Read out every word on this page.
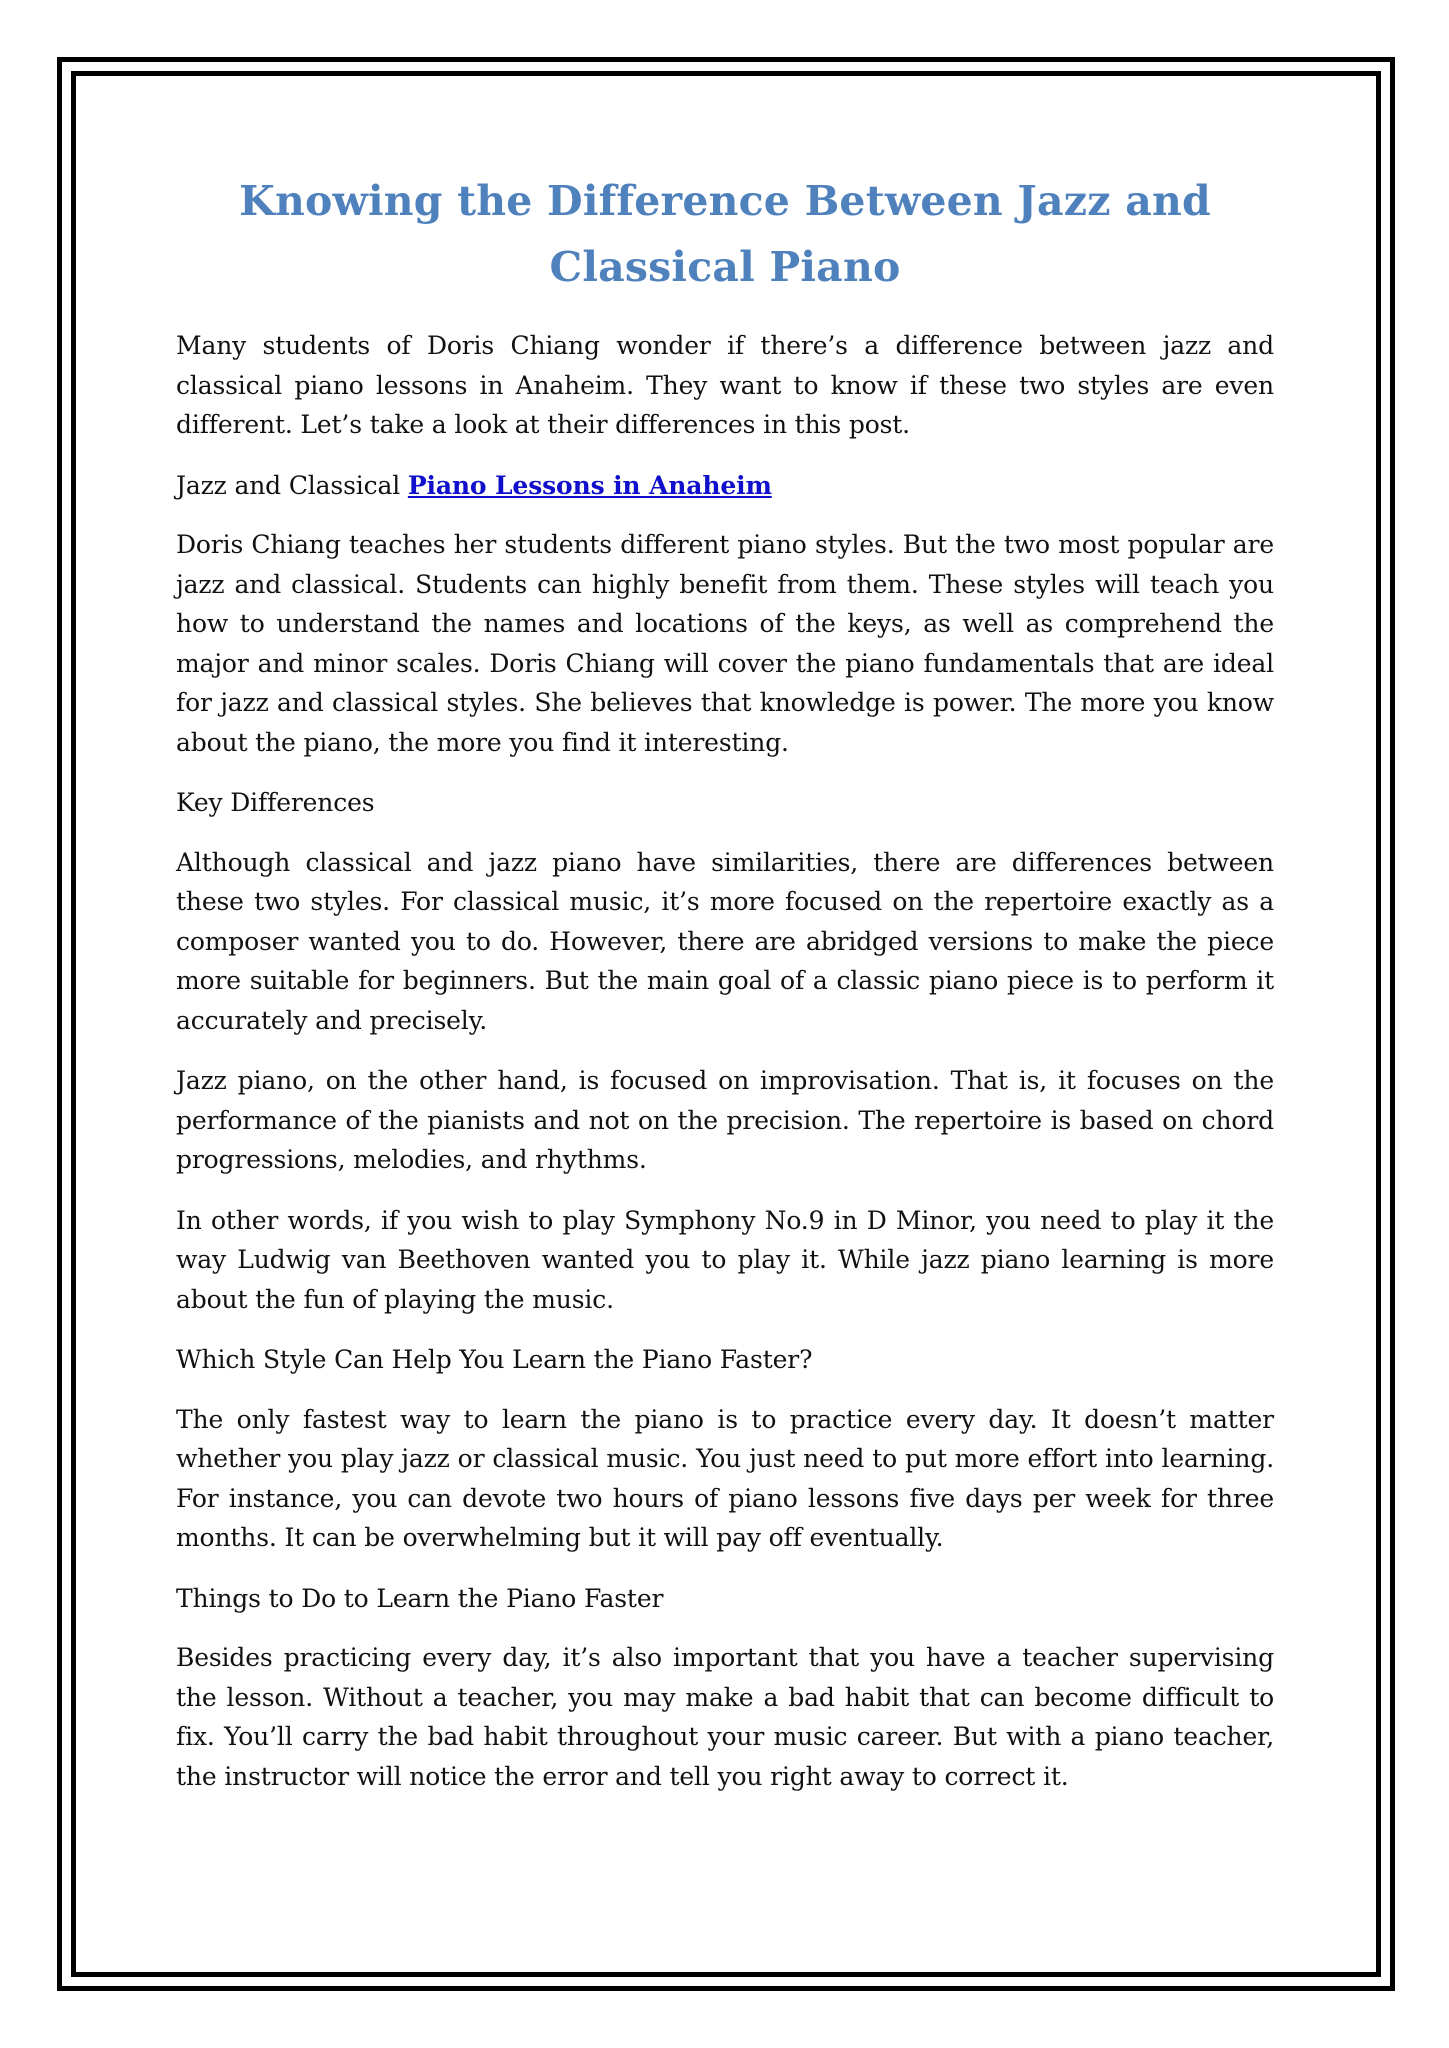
Knowing the Difference Between Jazz and
Classical Piano

Many students of Doris Chiang wonder if there’s a difference between jazz and classical piano lessons in Anaheim. They want to know if these two styles are even different. Let’s take a look at their differences in this post.

Jazz and Classical Piano Lessons in Anaheim

Doris Chiang teaches her students different piano styles. But the two most popular are jazz and classical. Students can highly benefit from them. These styles will teach you how to understand the names and locations of the keys, as well as comprehend the major and minor scales. Doris Chiang will cover the piano fundamentals that are ideal for jazz and classical styles. She believes that knowledge is power. The more you know about the piano, the more you find it interesting.

Key Differences

Although classical and jazz piano have similarities, there are differences between these two styles. For classical music, it’s more focused on the repertoire exactly as a composer wanted you to do. However, there are abridged versions to make the piece more suitable for beginners. But the main goal of a classic piano piece is to perform it accurately and precisely.

Jazz piano, on the other hand, is focused on improvisation. That is, it focuses on the performance of the pianists and not on the precision. The repertoire is based on chord progressions, melodies, and rhythms.

In other words, if you wish to play Symphony No.9 in D Minor, you need to play it the way Ludwig van Beethoven wanted you to play it. While jazz piano learning is more about the fun of playing the music.

Which Style Can Help You Learn the Piano Faster?

The only fastest way to learn the piano is to practice every day. It doesn’t matter whether you play jazz or classical music. You just need to put more effort into learning. For instance, you can devote two hours of piano lessons five days per week for three months. It can be overwhelming but it will pay off eventually.

Things to Do to Learn the Piano Faster

Besides practicing every day, it’s also important that you have a teacher supervising the lesson. Without a teacher, you may make a bad habit that can become difficult to fix. You’ll carry the bad habit throughout your music career. But with a piano teacher, the instructor will notice the error and tell you right away to correct it.
